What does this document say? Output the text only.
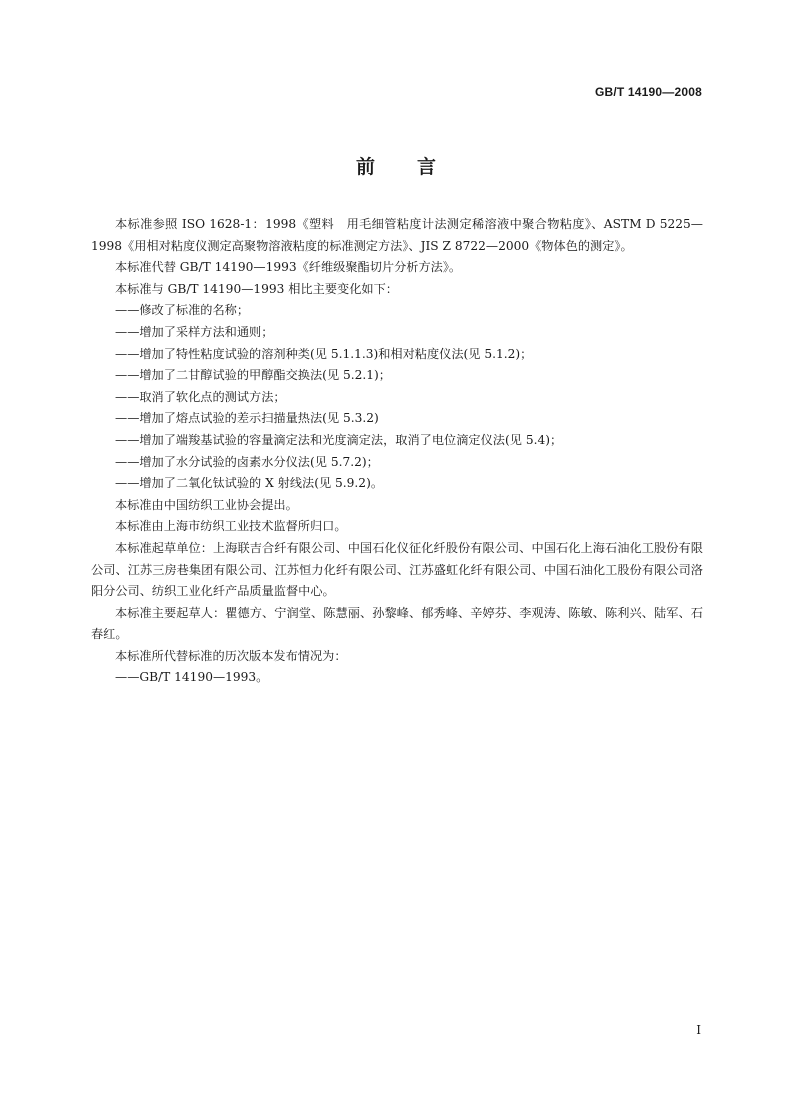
GB/T 14190—2008
前 言

本标准参照 ISO 1628-1：1998《塑料　用毛细管粘度计法测定稀溶液中聚合物粘度》、ASTM D 5225—1998《用相对粘度仪测定高聚物溶液粘度的标准测定方法》、JIS Z 8722—2000《物体色的测定》。

本标准代替 GB/T 14190—1993《纤维级聚酯切片分析方法》。

本标准与 GB/T 14190—1993 相比主要变化如下：

——修改了标准的名称；

——增加了采样方法和通则；

——增加了特性粘度试验的溶剂种类(见 5.1.1.3)和相对粘度仪法(见 5.1.2)；

——增加了二甘醇试验的甲醇酯交换法(见 5.2.1)；

——取消了软化点的测试方法；

——增加了熔点试验的差示扫描量热法(见 5.3.2)

——增加了端羧基试验的容量滴定法和光度滴定法，取消了电位滴定仪法(见 5.4)；

——增加了水分试验的卤素水分仪法(见 5.7.2)；

——增加了二氧化钛试验的 X 射线法(见 5.9.2)。

本标准由中国纺织工业协会提出。

本标准由上海市纺织工业技术监督所归口。

本标准起草单位：上海联吉合纤有限公司、中国石化仪征化纤股份有限公司、中国石化上海石油化工股份有限公司、江苏三房巷集团有限公司、江苏恒力化纤有限公司、江苏盛虹化纤有限公司、中国石油化工股份有限公司洛阳分公司、纺织工业化纤产品质量监督中心。

本标准主要起草人：瞿德方、宁润堂、陈慧丽、孙黎峰、郁秀峰、辛婷芬、李观涛、陈敏、陈利兴、陆军、石春红。

本标准所代替标准的历次版本发布情况为：

——GB/T 14190—1993。

I
